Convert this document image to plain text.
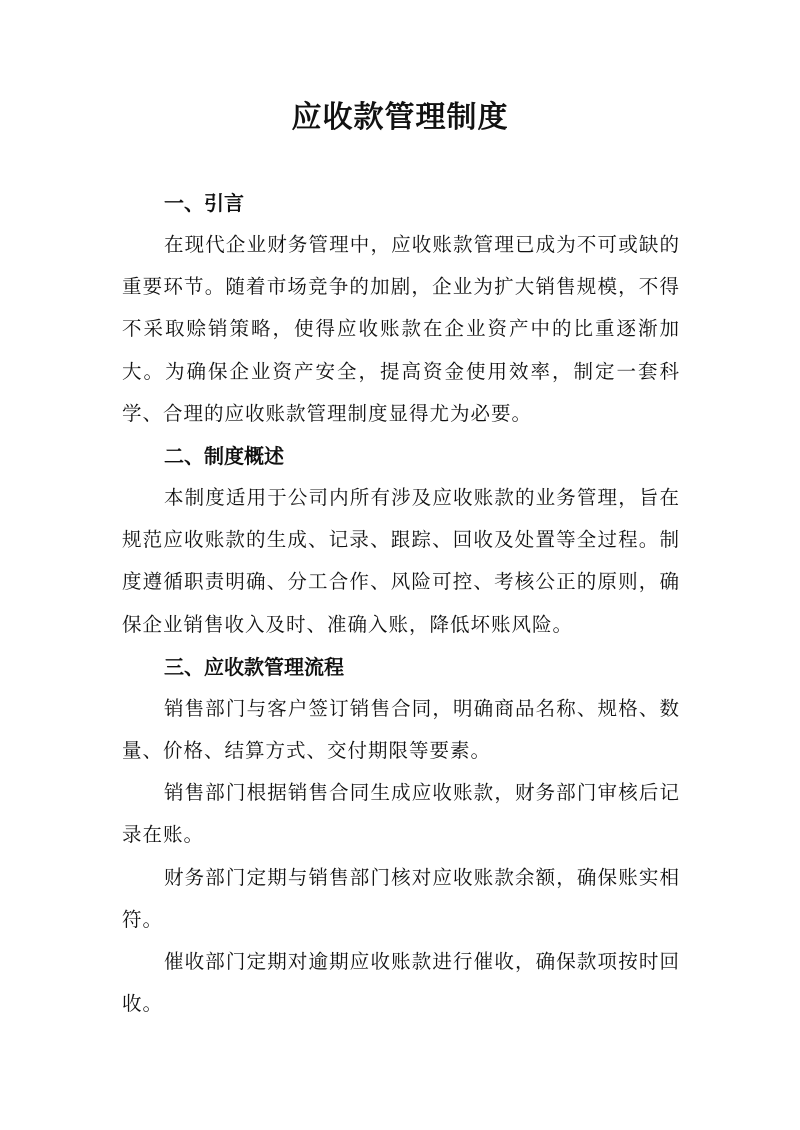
应收款管理制度
一、引言

在现代企业财务管理中，应收账款管理已成为不可或缺的重要环节。随着市场竞争的加剧，企业为扩大销售规模，不得不采取赊销策略，使得应收账款在企业资产中的比重逐渐加大。为确保企业资产安全，提高资金使用效率，制定一套科学、合理的应收账款管理制度显得尤为必要。

二、制度概述

本制度适用于公司内所有涉及应收账款的业务管理，旨在规范应收账款的生成、记录、跟踪、回收及处置等全过程。制度遵循职责明确、分工合作、风险可控、考核公正的原则，确保企业销售收入及时、准确入账，降低坏账风险。

三、应收款管理流程

销售部门与客户签订销售合同，明确商品名称、规格、数量、价格、结算方式、交付期限等要素。

销售部门根据销售合同生成应收账款，财务部门审核后记录在账。

财务部门定期与销售部门核对应收账款余额，确保账实相符。

催收部门定期对逾期应收账款进行催收，确保款项按时回收。
